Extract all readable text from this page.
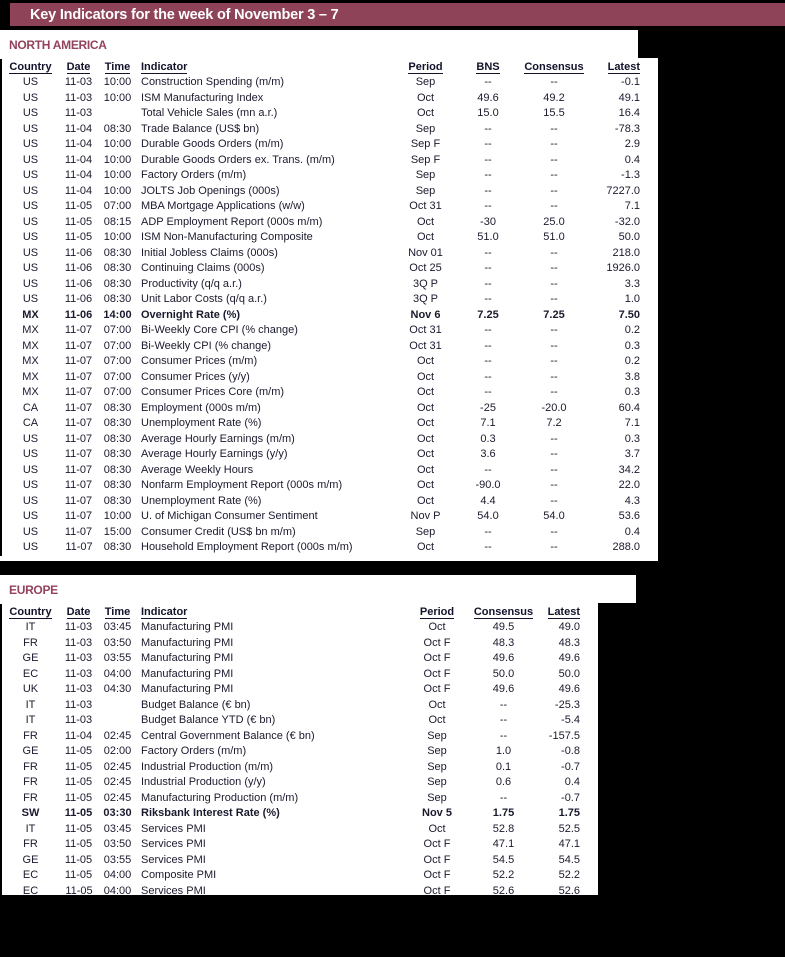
Key Indicators for the week of November 3 – 7
NORTH AMERICA
Country	Date	Time	Indicator	Period	BNS	Consensus	Latest
US	11-03	10:00	Construction Spending (m/m)	Sep	--	--	-0.1
US	11-03	10:00	ISM Manufacturing Index	Oct	49.6	49.2	49.1
US	11-03		Total Vehicle Sales (mn a.r.)	Oct	15.0	15.5	16.4
US	11-04	08:30	Trade Balance (US$ bn)	Sep	--	--	-78.3
US	11-04	10:00	Durable Goods Orders (m/m)	Sep F	--	--	2.9
US	11-04	10:00	Durable Goods Orders ex. Trans. (m/m)	Sep F	--	--	0.4
US	11-04	10:00	Factory Orders (m/m)	Sep	--	--	-1.3
US	11-04	10:00	JOLTS Job Openings (000s)	Sep	--	--	7227.0
US	11-05	07:00	MBA Mortgage Applications (w/w)	Oct 31	--	--	7.1
US	11-05	08:15	ADP Employment Report (000s m/m)	Oct	-30	25.0	-32.0
US	11-05	10:00	ISM Non-Manufacturing Composite	Oct	51.0	51.0	50.0
US	11-06	08:30	Initial Jobless Claims (000s)	Nov 01	--	--	218.0
US	11-06	08:30	Continuing Claims (000s)	Oct 25	--	--	1926.0
US	11-06	08:30	Productivity (q/q a.r.)	3Q P	--	--	3.3
US	11-06	08:30	Unit Labor Costs (q/q a.r.)	3Q P	--	--	1.0
MX	11-06	14:00	Overnight Rate (%)	Nov 6	7.25	7.25	7.50
MX	11-07	07:00	Bi-Weekly Core CPI (% change)	Oct 31	--	--	0.2
MX	11-07	07:00	Bi-Weekly CPI (% change)	Oct 31	--	--	0.3
MX	11-07	07:00	Consumer Prices (m/m)	Oct	--	--	0.2
MX	11-07	07:00	Consumer Prices (y/y)	Oct	--	--	3.8
MX	11-07	07:00	Consumer Prices Core (m/m)	Oct	--	--	0.3
CA	11-07	08:30	Employment (000s m/m)	Oct	-25	-20.0	60.4
CA	11-07	08:30	Unemployment Rate (%)	Oct	7.1	7.2	7.1
US	11-07	08:30	Average Hourly Earnings (m/m)	Oct	0.3	--	0.3
US	11-07	08:30	Average Hourly Earnings (y/y)	Oct	3.6	--	3.7
US	11-07	08:30	Average Weekly Hours	Oct	--	--	34.2
US	11-07	08:30	Nonfarm Employment Report (000s m/m)	Oct	-90.0	--	22.0
US	11-07	08:30	Unemployment Rate (%)	Oct	4.4	--	4.3
US	11-07	10:00	U. of Michigan Consumer Sentiment	Nov P	54.0	54.0	53.6
US	11-07	15:00	Consumer Credit (US$ bn m/m)	Sep	--	--	0.4
US	11-07	08:30	Household Employment Report (000s m/m)	Oct	--	--	288.0
EUROPE
Country	Date	Time	Indicator	Period	Consensus	Latest
IT	11-03	03:45	Manufacturing PMI	Oct	49.5	49.0
FR	11-03	03:50	Manufacturing PMI	Oct F	48.3	48.3
GE	11-03	03:55	Manufacturing PMI	Oct F	49.6	49.6
EC	11-03	04:00	Manufacturing PMI	Oct F	50.0	50.0
UK	11-03	04:30	Manufacturing PMI	Oct F	49.6	49.6
IT	11-03		Budget Balance (€ bn)	Oct	--	-25.3
IT	11-03		Budget Balance YTD (€ bn)	Oct	--	-5.4
FR	11-04	02:45	Central Government Balance (€ bn)	Sep	--	-157.5
GE	11-05	02:00	Factory Orders (m/m)	Sep	1.0	-0.8
FR	11-05	02:45	Industrial Production (m/m)	Sep	0.1	-0.7
FR	11-05	02:45	Industrial Production (y/y)	Sep	0.6	0.4
FR	11-05	02:45	Manufacturing Production (m/m)	Sep	--	-0.7
SW	11-05	03:30	Riksbank Interest Rate (%)	Nov 5	1.75	1.75
IT	11-05	03:45	Services PMI	Oct	52.8	52.5
FR	11-05	03:50	Services PMI	Oct F	47.1	47.1
GE	11-05	03:55	Services PMI	Oct F	54.5	54.5
EC	11-05	04:00	Composite PMI	Oct F	52.2	52.2
EC	11-05	04:00	Services PMI	Oct F	52.6	52.6
